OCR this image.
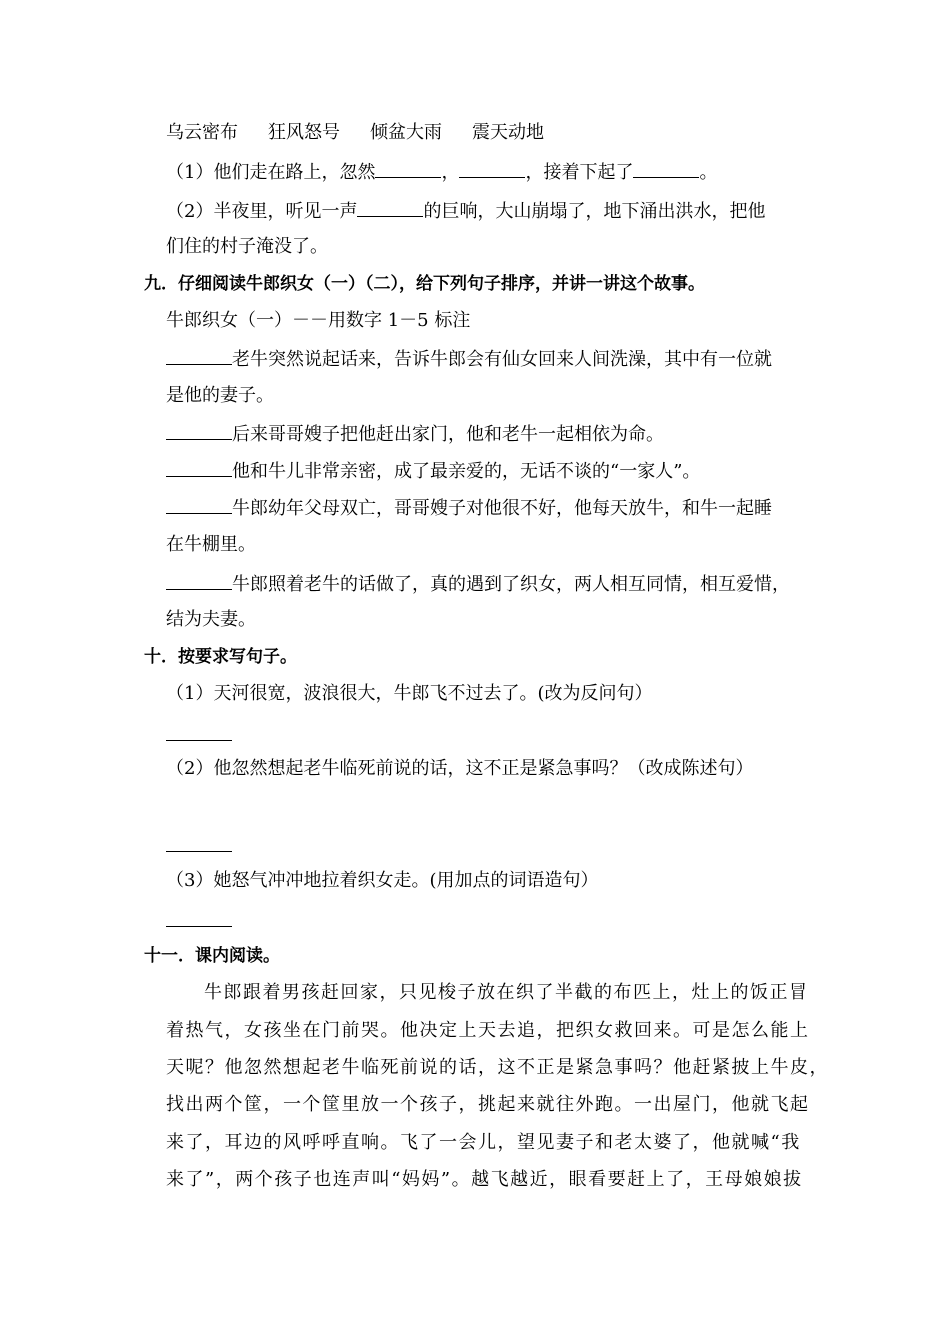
乌云密布 狂风怒号 倾盆大雨 震天动地
（1）他们走在路上，忽然	，	，接着下起了	。
（2）半夜里，听见一声	的巨响，大山崩塌了，地下涌出洪水，把他
们住的村子淹没了。
九．仔细阅读牛郎织女（一）（二），给下列句子排序，并讲一讲这个故事。
牛郎织女（一）－－用数字 1－5 标注
老牛突然说起话来，告诉牛郎会有仙女回来人间洗澡，其中有一位就
是他的妻子。
后来哥哥嫂子把他赶出家门，他和老牛一起相依为命。
他和牛儿非常亲密，成了最亲爱的，无话不谈的“一家人”。
牛郎幼年父母双亡，哥哥嫂子对他很不好，他每天放牛，和牛一起睡
在牛棚里。
牛郎照着老牛的话做了，真的遇到了织女，两人相互同情，相互爱惜，
结为夫妻。
十．按要求写句子。
（1）天河很宽，波浪很大，牛郎飞不过去了。(改为反问句）
（2）他忽然想起老牛临死前说的话，这不正是紧急事吗？（改成陈述句）
（3）她怒气冲冲地拉着织女走。(用加点的词语造句）
十一．课内阅读。
牛郎跟着男孩赶回家，只见梭子放在织了半截的布匹上，灶上的饭正冒
着热气，女孩坐在门前哭。他决定上天去追，把织女救回来。可是怎么能上
天呢？他忽然想起老牛临死前说的话，这不正是紧急事吗？他赶紧披上牛皮，
找出两个筐，一个筐里放一个孩子，挑起来就往外跑。一出屋门，他就飞起
来了，耳边的风呼呼直响。飞了一会儿，望见妻子和老太婆了，他就喊“我
来了”，两个孩子也连声叫“妈妈”。越飞越近，眼看要赶上了，王母娘娘拔
